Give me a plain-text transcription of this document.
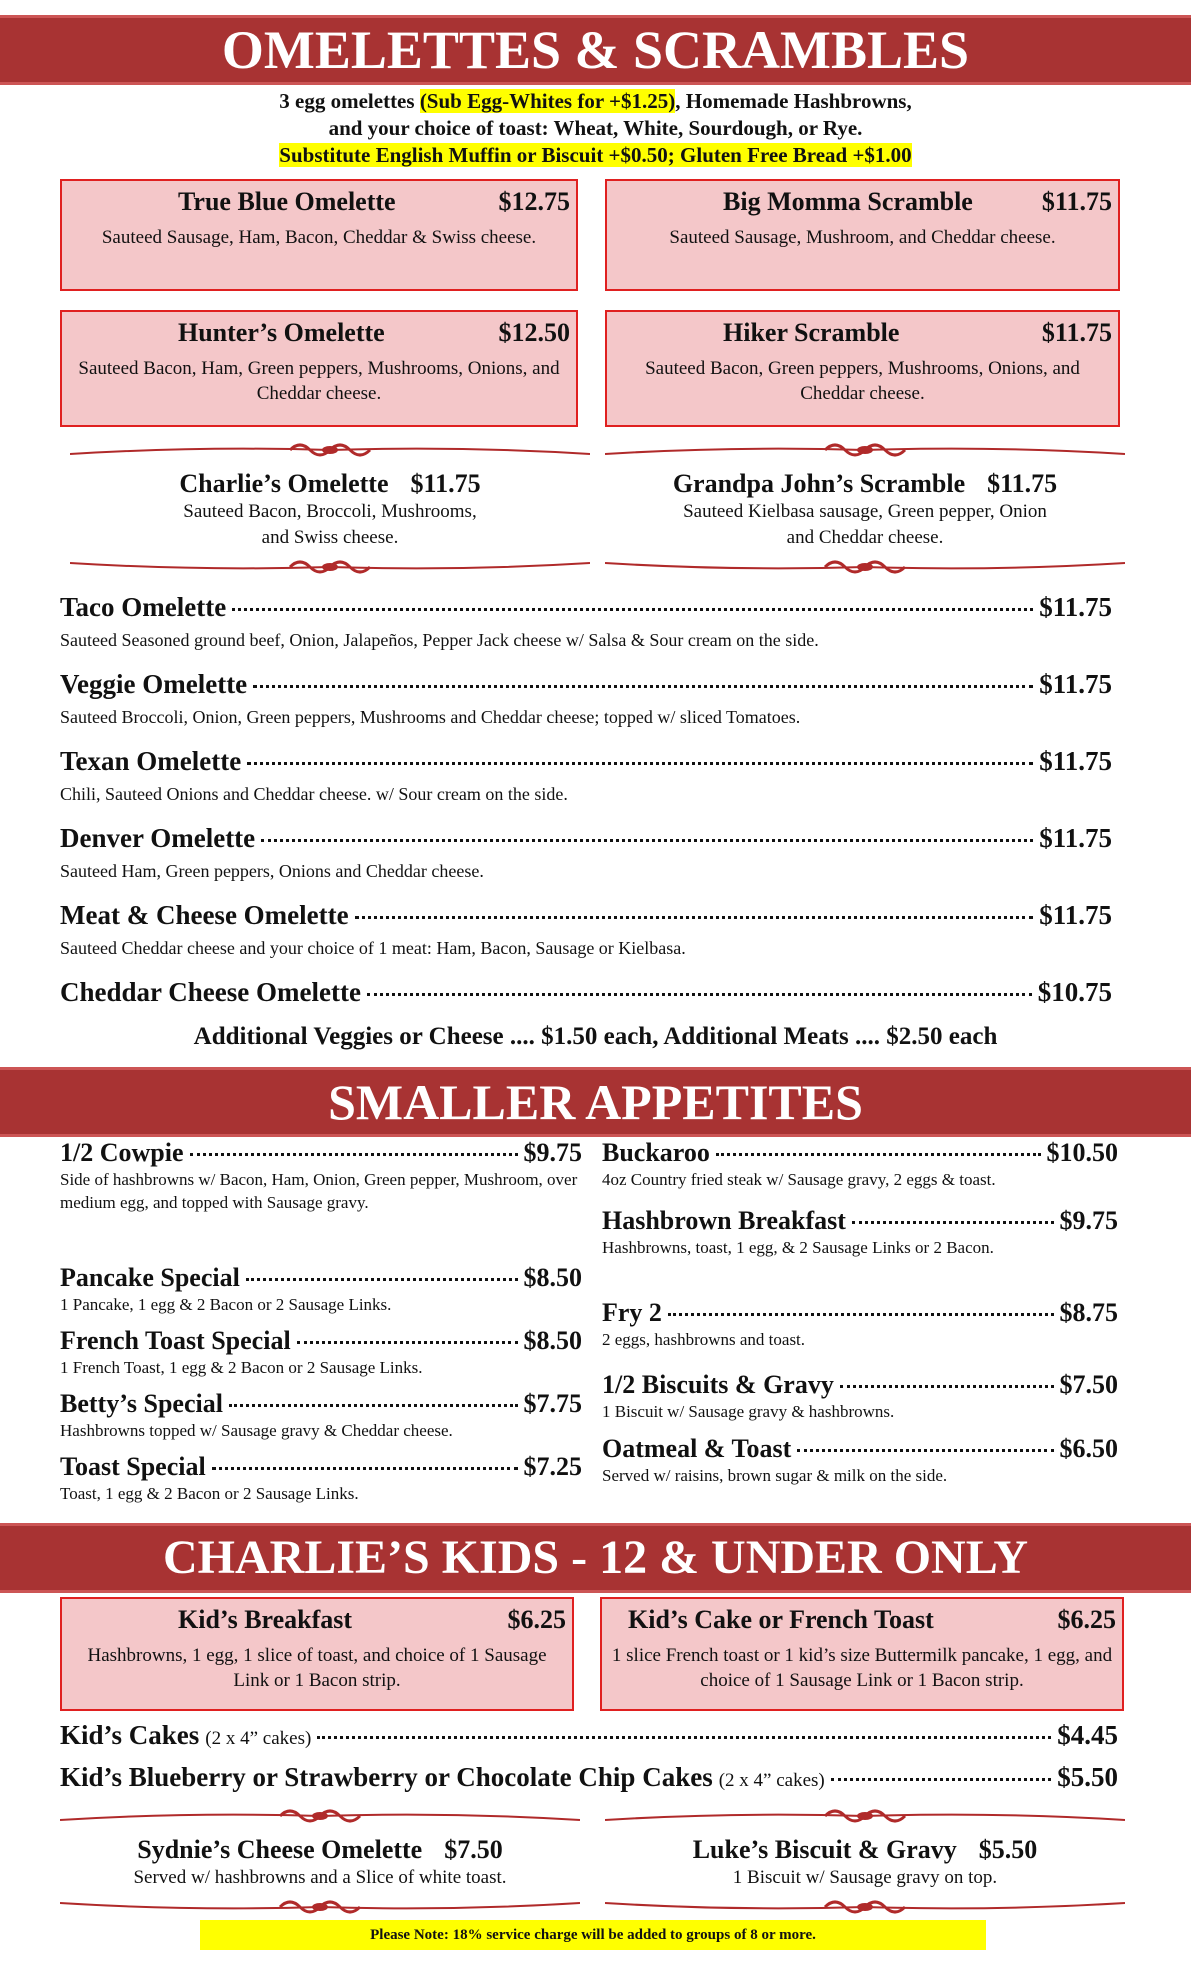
OMELETTES & SCRAMBLES
3 egg omelettes (Sub Egg-Whites for +$1.25), Homemade Hashbrowns,
and your choice of toast: Wheat, White, Sourdough, or Rye.
Substitute English Muffin or Biscuit +$0.50; Gluten Free Bread +$1.00
Taco Omelette	$11.75
Sauteed Seasoned ground beef, Onion, Jalapeños, Pepper Jack cheese w/ Salsa & Sour cream on the side.
Veggie Omelette	$11.75
Sauteed Broccoli, Onion, Green peppers, Mushrooms and Cheddar cheese; topped w/ sliced Tomatoes.
Texan Omelette	$11.75
Chili, Sauteed Onions and Cheddar cheese. w/ Sour cream on the side.
Denver Omelette	$11.75
Sauteed Ham, Green peppers, Onions and Cheddar cheese.
Meat & Cheese Omelette	$11.75
Sauteed Cheddar cheese and your choice of 1 meat: Ham, Bacon, Sausage or Kielbasa.
Cheddar Cheese Omelette	$10.75
Additional Veggies or Cheese .... $1.50 each, Additional Meats .... $2.50 each
SMALLER APPETITES
1/2 Cowpie	$9.75
Side of hashbrowns w/ Bacon, Ham, Onion, Green pepper, Mushroom, over medium egg, and topped with Sausage gravy.
Pancake Special	$8.50
1 Pancake, 1 egg & 2 Bacon or 2 Sausage Links.
French Toast Special	$8.50
1 French Toast, 1 egg & 2 Bacon or 2 Sausage Links.
Betty’s Special	$7.75
Hashbrowns topped w/ Sausage gravy & Cheddar cheese.
Toast Special	$7.25
Toast, 1 egg & 2 Bacon or 2 Sausage Links.
Buckaroo	$10.50
4oz Country fried steak w/ Sausage gravy, 2 eggs & toast.
Hashbrown Breakfast	$9.75
Hashbrowns, toast, 1 egg, & 2 Sausage Links or 2 Bacon.
Fry 2	$8.75
2 eggs, hashbrowns and toast.
1/2 Biscuits & Gravy	$7.50
1 Biscuit w/ Sausage gravy & hashbrowns.
Oatmeal & Toast	$6.50
Served w/ raisins, brown sugar & milk on the side.
CHARLIE’S KIDS - 12 & UNDER ONLY
Kid’s Cakes (2 x 4” cakes)	$4.45
Kid’s Blueberry or Strawberry or Chocolate Chip Cakes (2 x 4” cakes)	$5.50
Please Note: 18% service charge will be added to groups of 8 or more.
True Blue Omelette	$12.75
Sauteed Sausage, Ham, Bacon, Cheddar & Swiss cheese.
Big Momma Scramble	$11.75
Sauteed Sausage, Mushroom, and Cheddar cheese.
Hunter’s Omelette	$12.50
Sauteed Bacon, Ham, Green peppers, Mushrooms, Onions, and Cheddar cheese.
Hiker Scramble	$11.75
Sauteed Bacon, Green peppers, Mushrooms, Onions, and Cheddar cheese.
Kid’s Breakfast	$6.25
Hashbrowns, 1 egg, 1 slice of toast, and choice of 1 Sausage Link or 1 Bacon strip.
Kid’s Cake or French Toast	$6.25
1 slice French toast or 1 kid’s size Buttermilk pancake, 1 egg, and choice of 1 Sausage Link or 1 Bacon strip.
Charlie’s Omelette $11.75
Sauteed Bacon, Broccoli, Mushrooms,
and Swiss cheese.
Grandpa John’s Scramble $11.75
Sauteed Kielbasa sausage, Green pepper, Onion
and Cheddar cheese.
Sydnie’s Cheese Omelette $7.50
Served w/ hashbrowns and a Slice of white toast.
Luke’s Biscuit & Gravy $5.50
1 Biscuit w/ Sausage gravy on top.
